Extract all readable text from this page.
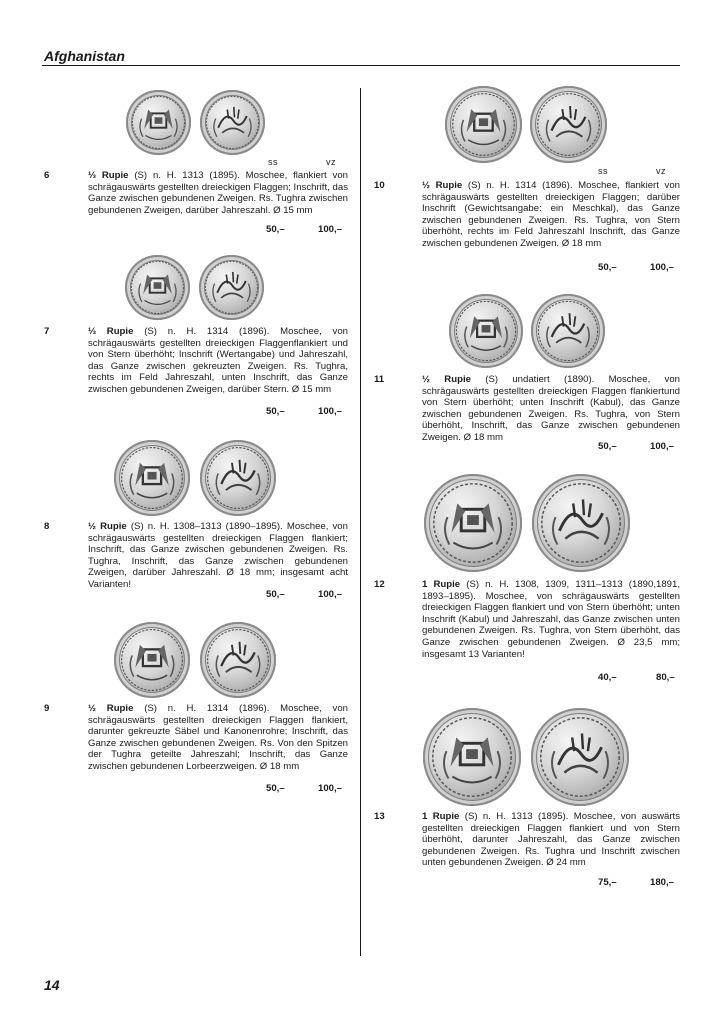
Afghanistan
14
ss	vz
6	⅓ Rupie (S) n. H. 1313 (1895). Moschee, flankiert von schrägauswärts gestellten dreieckigen Flaggen; Inschrift, das Ganze zwischen gebundenen Zweigen. Rs. Tughra zwischen gebundenen Zweigen, darüber Jahreszahl. Ø 15 mm
50,–	100,–
7	⅓ Rupie (S) n. H. 1314 (1896). Moschee, von schrägauswärts gestellten dreieckigen Flaggenflankiert und von Stern überhöht; Inschrift (Wertangabe) und Jahreszahl, das Ganze zwischen gekreuzten Zweigen. Rs. Tughra, rechts im Feld Jahreszahl, unten Inschrift, das Ganze zwischen gebundenen Zweigen, darüber Stern. Ø 15 mm
50,–	100,–
8	½ Rupie (S) n. H. 1308–1313 (1890–1895). Moschee, von schrägauswärts gestellten dreieckigen Flaggen flankiert; Inschrift, das Ganze zwischen gebundenen Zweigen. Rs. Tughra, Inschrift, das Ganze zwischen gebundenen Zweigen, darüber Jahreszahl. Ø 18 mm; insgesamt acht Varianten!
50,–	100,–
9	½ Rupie (S) n. H. 1314 (1896). Moschee, von schrägauswärts gestellten dreieckigen Flaggen flankiert, darunter gekreuzte Säbel und Kanonenrohre; Inschrift, das Ganze zwischen gebundenen Zweigen. Rs. Von den Spitzen der Tughra geteilte Jahreszahl; Inschrift, das Ganze zwischen gebundenen Lorbeerzweigen. Ø 18 mm
50,–	100,–
ss	vz
10	½ Rupie (S) n. H. 1314 (1896). Moschee, flankiert von schrägauswärts gestellten dreieckigen Flaggen; darüber Inschrift (Gewichtsangabe: ein Meschkal), das Ganze zwischen gebundenen Zweigen. Rs. Tughra, von Stern überhöht, rechts im Feld Jahreszahl Inschrift, das Ganze zwischen gebundenen Zweigen. Ø 18 mm
50,–	100,–
11	½ Rupie (S) undatiert (1890). Moschee, von schrägauswärts gestellten dreieckigen Flaggen flankiertund von Stern überhöht; unten Inschrift (Kabul), das Ganze zwischen gebundenen Zweigen. Rs. Tughra, von Stern überhöht, Inschrift, das Ganze zwischen gebundenen Zweigen. Ø 18 mm
50,–	100,–
12	1 Rupie (S) n. H. 1308, 1309, 1311–1313 (1890,1891, 1893–1895). Moschee, von schrägauswärts gestellten dreieckigen Flaggen flankiert und von Stern überhöht; unten Inschrift (Kabul) und Jahreszahl, das Ganze zwischen unten gebundenen Zweigen. Rs. Tughra, von Stern überhöht, das Ganze zwischen gebundenen Zweigen. Ø 23,5 mm; insgesamt 13 Varianten!
40,–	80,–
13	1 Rupie (S) n. H. 1313 (1895). Moschee, von auswärts gestellten dreieckigen Flaggen flankiert und von Stern überhöht, darunter Jahreszahl, das Ganze zwischen gebundenen Zweigen. Rs. Tughra und Inschrift zwischen unten gebundenen Zweigen. Ø 24 mm
75,–	180,–
